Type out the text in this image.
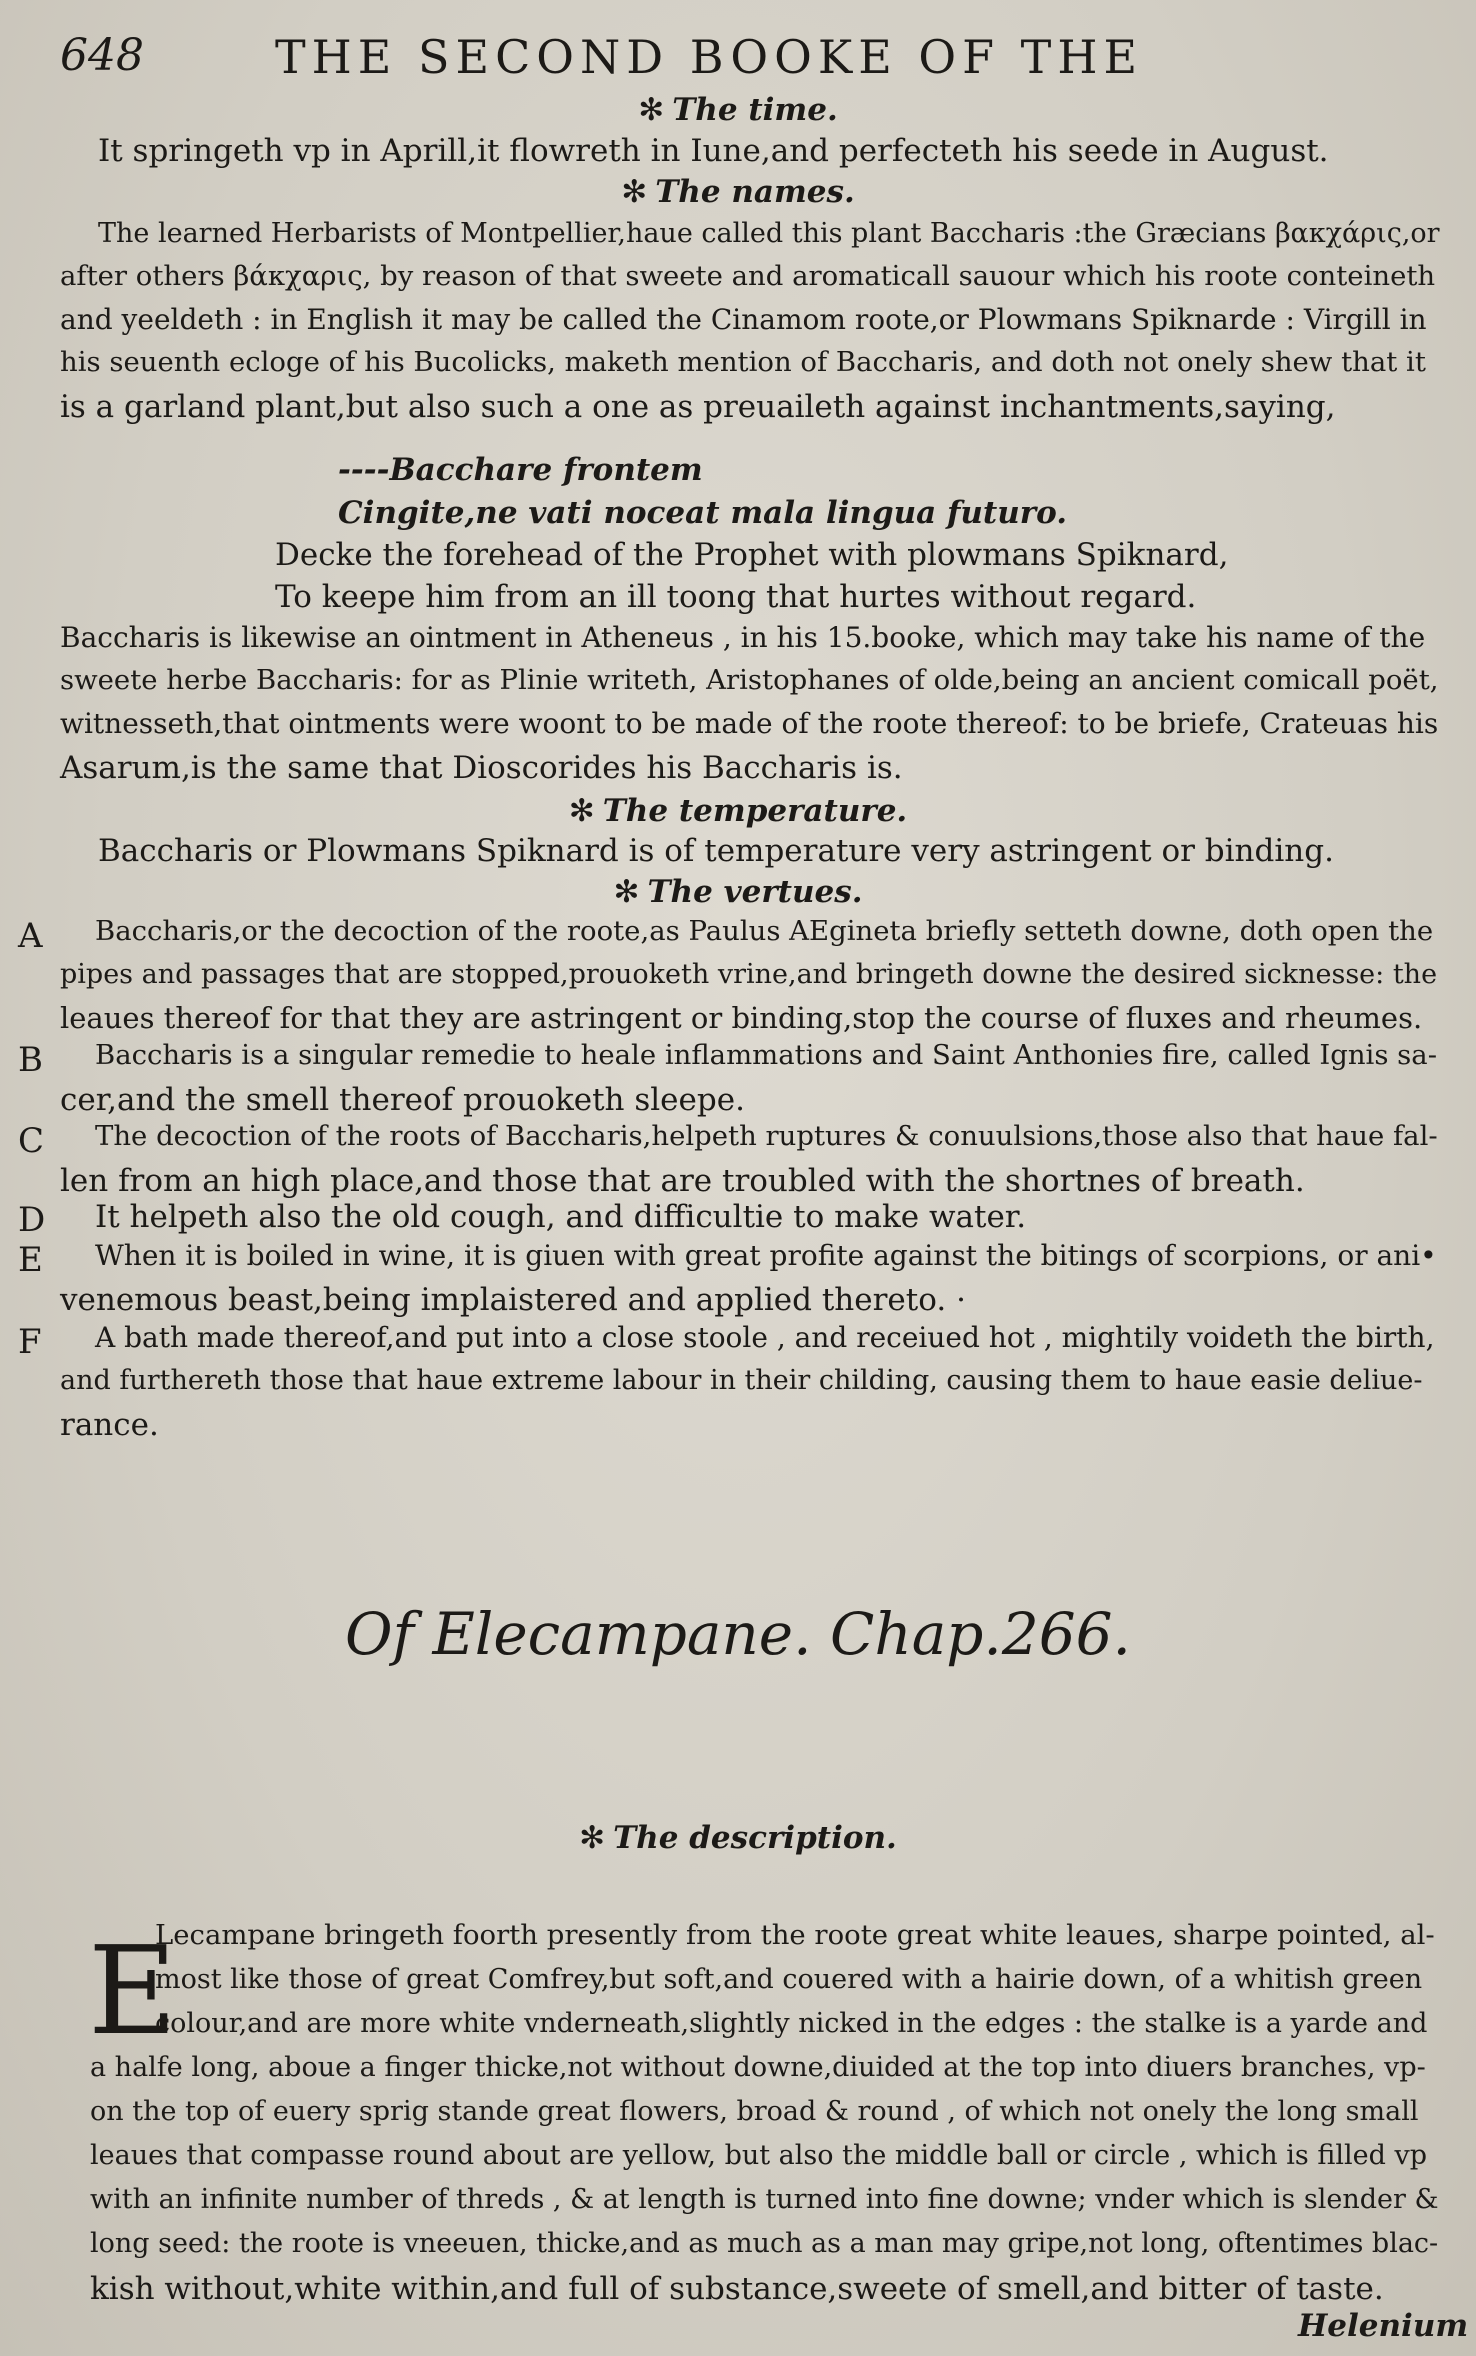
648	THE SECOND BOOKE OF THE
✻ The time.
It springeth vp in Aprill,it flowreth in Iune,and perfecteth his seede in August.
✻ The names.
The learned Herbarists of Montpellier,haue called this plant Baccharis :the Græcians βακχάρις,or
after others βάκχαρις, by reason of that sweete and aromaticall sauour which his roote conteineth
and yeeldeth : in English it may be called the Cinamom roote,or Plowmans Spiknarde : Virgill in
his seuenth ecloge of his Bucolicks, maketh mention of Baccharis, and doth not onely shew that it
is a garland plant,but also such a one as preuaileth against inchantments,saying,
----Bacchare frontem
Cingite,ne vati noceat mala lingua futuro.
Decke the forehead of the Prophet with plowmans Spiknard,
To keepe him from an ill toong that hurtes without regard.
Baccharis is likewise an ointment in Atheneus , in his 15.booke, which may take his name of the
sweete herbe Baccharis: for as Plinie writeth, Aristophanes of olde,being an ancient comicall poët,
witnesseth,that ointments were woont to be made of the roote thereof: to be briefe, Crateuas his
Asarum,is the same that Dioscorides his Baccharis is.
✻ The temperature.
Baccharis or Plowmans Spiknard is of temperature very astringent or binding.
✻ The vertues.
A Baccharis,or the decoction of the roote,as Paulus AEgineta briefly setteth downe, doth open the
pipes and passages that are stopped,prouoketh vrine,and bringeth downe the desired sicknesse: the
leaues thereof for that they are astringent or binding,stop the course of fluxes and rheumes.
B Baccharis is a singular remedie to heale inflammations and Saint Anthonies fire, called Ignis sa-
cer,and the smell thereof prouoketh sleepe.
C The decoction of the roots of Baccharis,helpeth ruptures & conuulsions,those also that haue fal-
len from an high place,and those that are troubled with the shortnes of breath.
D It helpeth also the old cough, and difficultie to make water.
E When it is boiled in wine, it is giuen with great profite against the bitings of scorpions, or ani•
venemous beast,being implaistered and applied thereto. ·
F A bath made thereof,and put into a close stoole , and receiued hot , mightily voideth the birth,
and furthereth those that haue extreme labour in their childing, causing them to haue easie deliue-
rance.
Of Elecampane. Chap.266.
✻ The description.
E
Lecampane bringeth foorth presently from the roote great white leaues, sharpe pointed, al-
most like those of great Comfrey,but soft,and couered with a hairie down, of a whitish green
colour,and are more white vnderneath,slightly nicked in the edges : the stalke is a yarde and
a halfe long, aboue a finger thicke,not without downe,diuided at the top into diuers branches, vp-
on the top of euery sprig stande great flowers, broad & round , of which not onely the long small
leaues that compasse round about are yellow, but also the middle ball or circle , which is filled vp
with an infinite number of threds , & at length is turned into fine downe; vnder which is slender &
long seed: the roote is vneeuen, thicke,and as much as a man may gripe,not long, oftentimes blac-
kish without,white within,and full of substance,sweete of smell,and bitter of taste.
Helenium
